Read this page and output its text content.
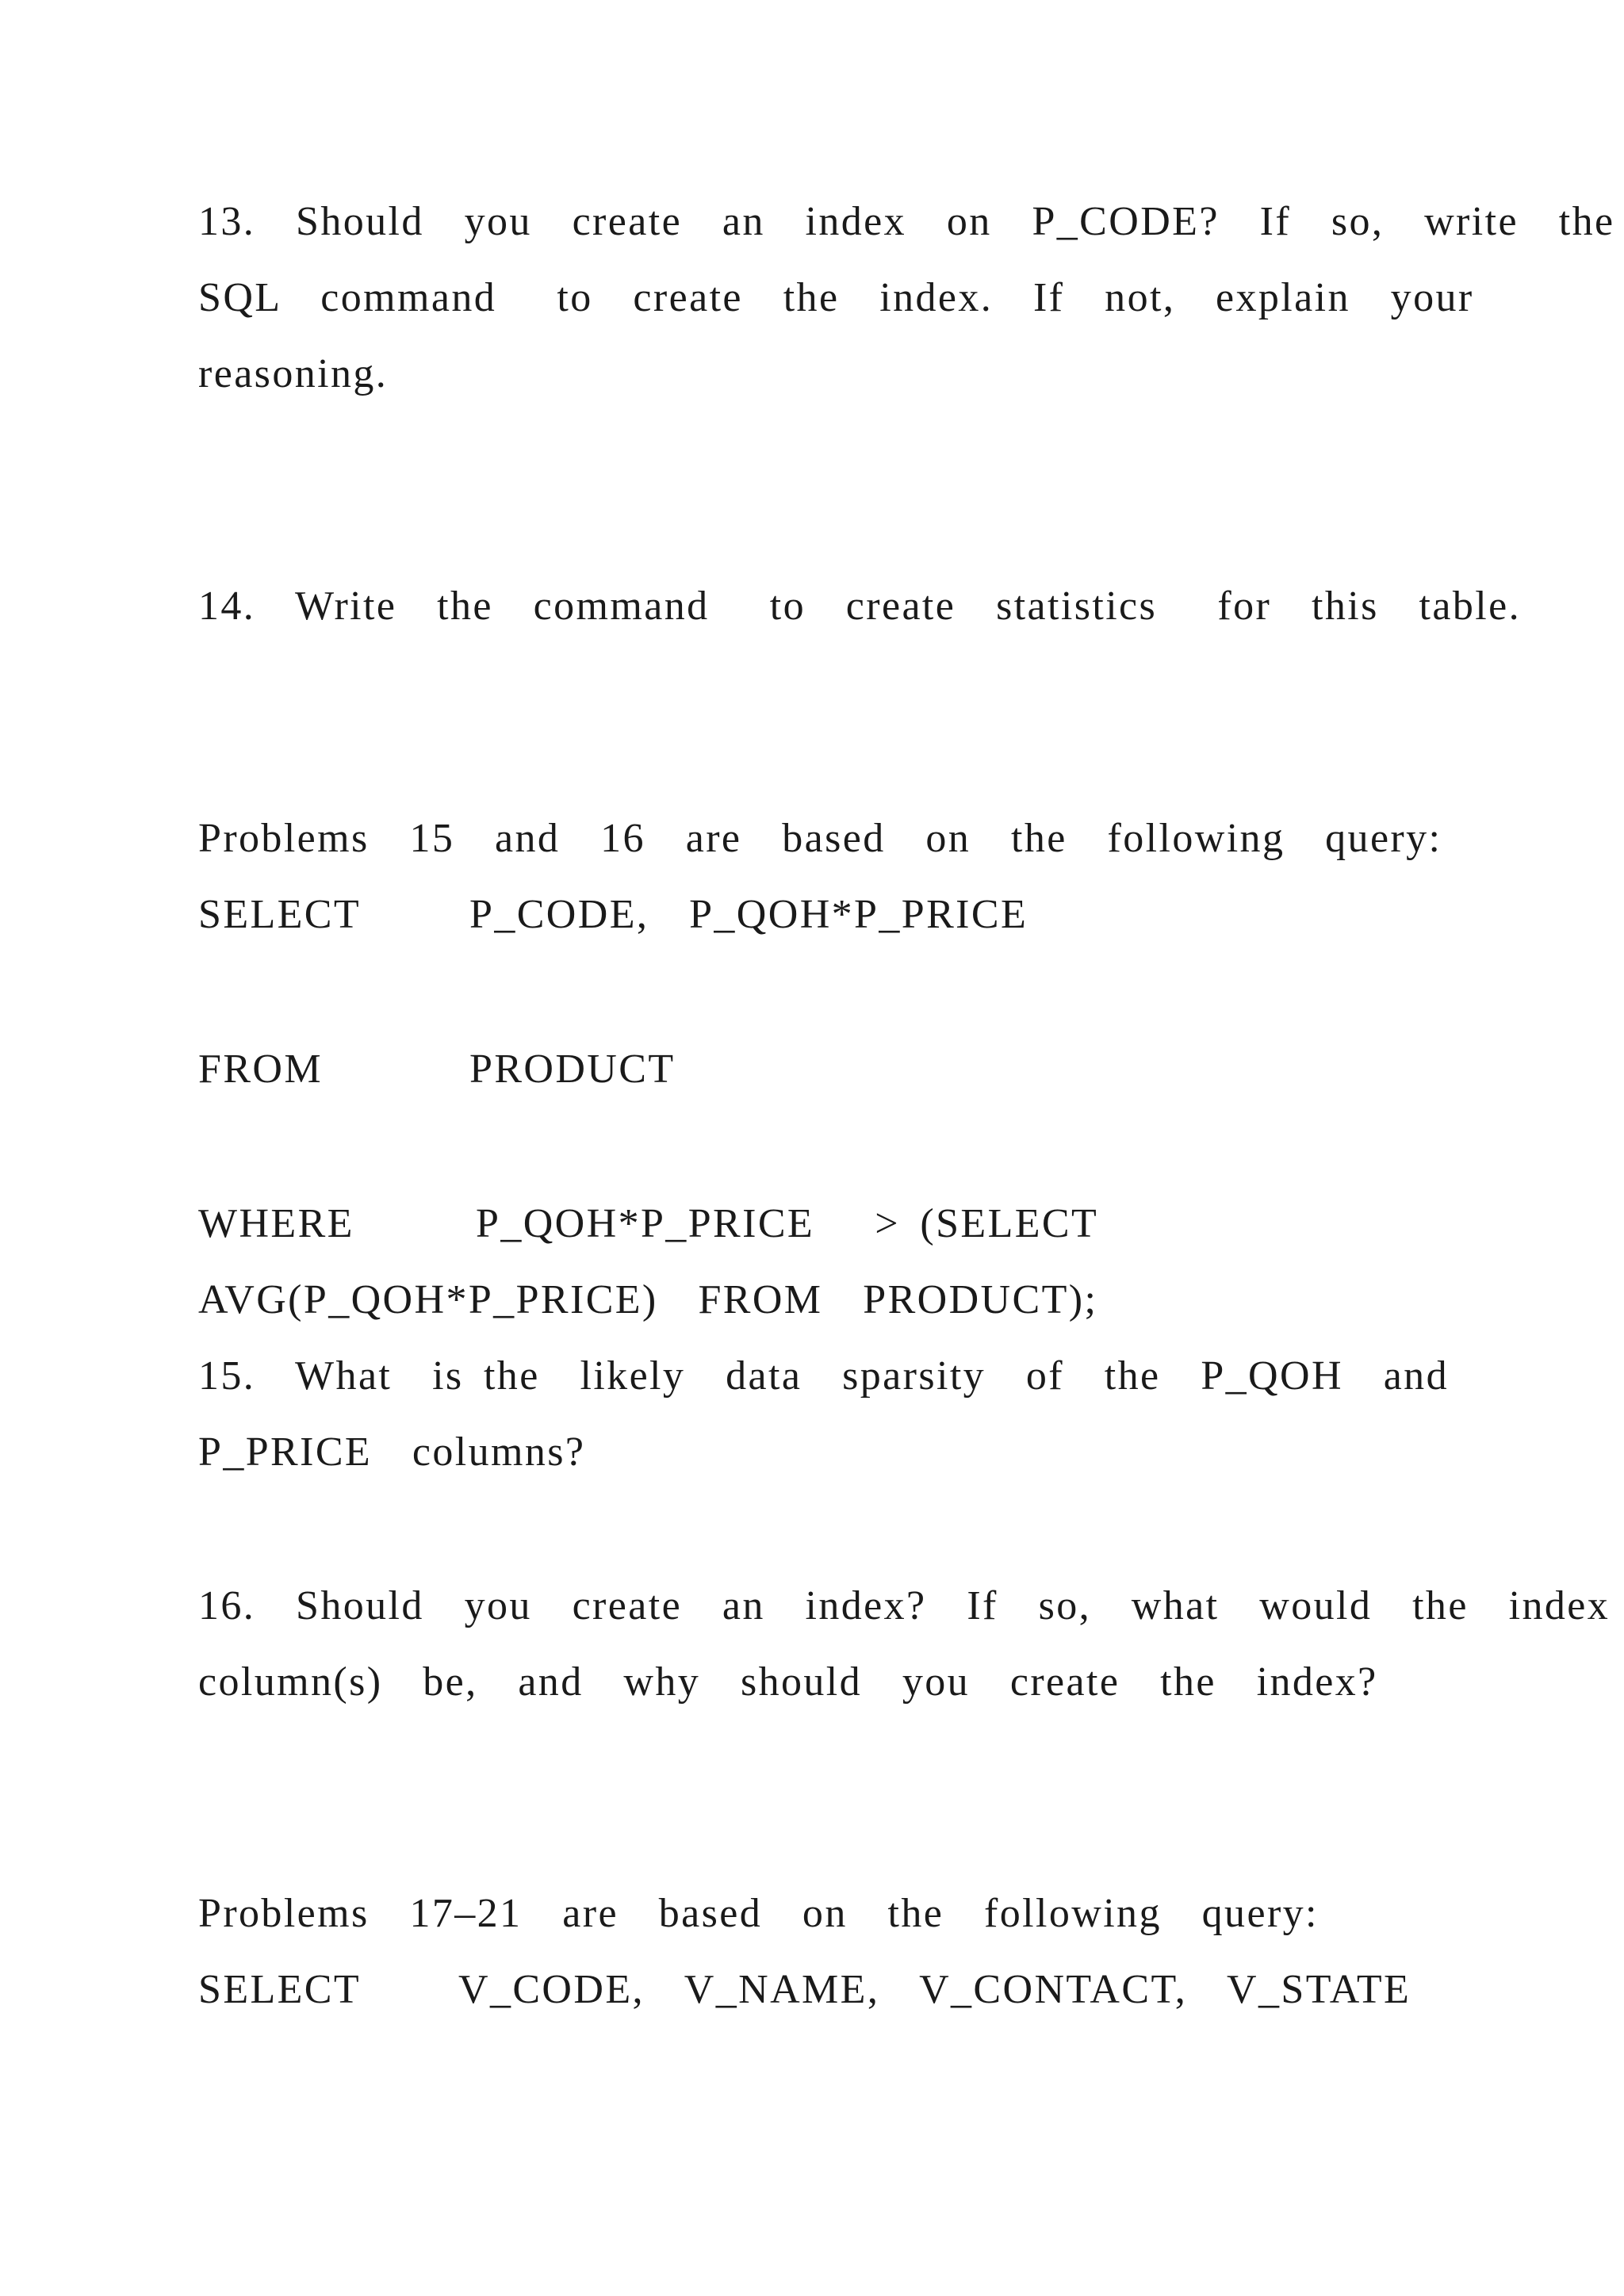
13.  Should  you  create  an  index  on  P_CODE?  If  so,  write  the
SQL  command   to  create  the  index.  If  not,  explain  your
reasoning.
14.  Write  the  command   to  create  statistics   for  this  table.
Problems  15  and  16  are  based  on  the  following  query:
SELECT	P_CODE,  P_QOH*P_PRICE
FROM	PRODUCT
WHERE	P_QOH*P_PRICE   > (SELECT
AVG(P_QOH*P_PRICE)  FROM  PRODUCT);
15.  What  is the  likely  data  sparsity  of  the  P_QOH  and
P_PRICE  columns?
16.  Should  you  create  an  index?  If  so,  what  would  the  index
column(s)  be,  and  why  should  you  create  the  index?
Problems  17–21  are  based  on  the  following  query:
SELECT V_CODE,  V_NAME,  V_CONTACT,  V_STATE
